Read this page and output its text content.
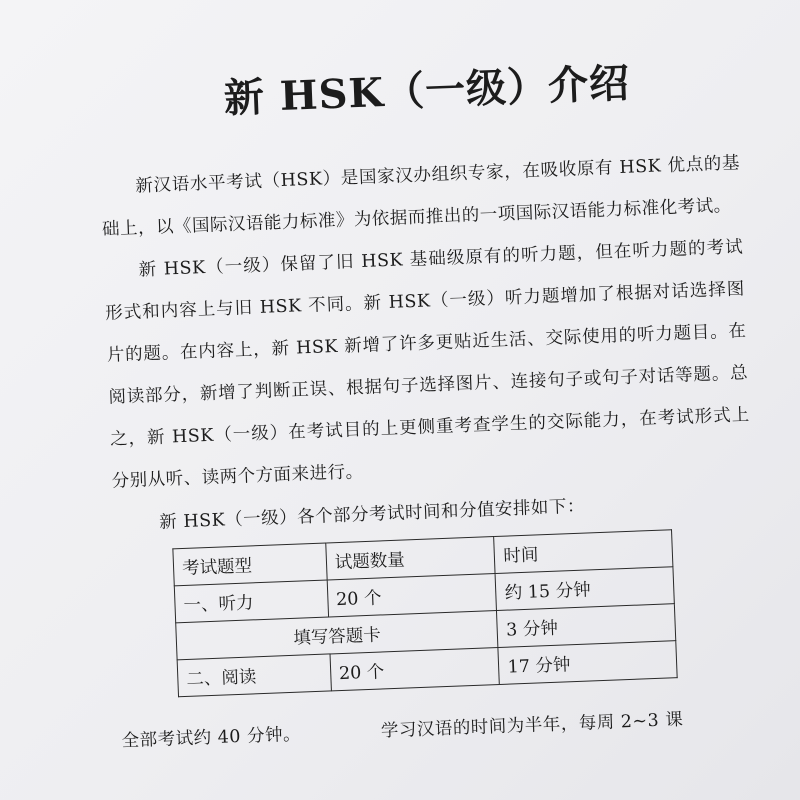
新 HSK（一级）介绍

新汉语水平考试（HSK）是国家汉办组织专家，在吸收原有 HSK 优点的基础上，以《国际汉语能力标准》为依据而推出的一项国际汉语能力标准化考试。

新 HSK（一级）保留了旧 HSK 基础级原有的听力题，但在听力题的考试形式和内容上与旧 HSK 不同。新 HSK（一级）听力题增加了根据对话选择图片的题。在内容上，新 HSK 新增了许多更贴近生活、交际使用的听力题目。在阅读部分，新增了判断正误、根据句子选择图片、连接句子或句子对话等题。总之，新 HSK（一级）在考试目的上更侧重考查学生的交际能力，在考试形式上分别从听、读两个方面来进行。

新 HSK（一级）各个部分考试时间和分值安排如下：

考试题型	试题数量	时间
一、听力	20 个	约 15 分钟
填写答题卡		3 分钟
二、阅读	20 个	17 分钟

全部考试约 40 分钟。	学习汉语的时间为半年，每周 2~3 课
